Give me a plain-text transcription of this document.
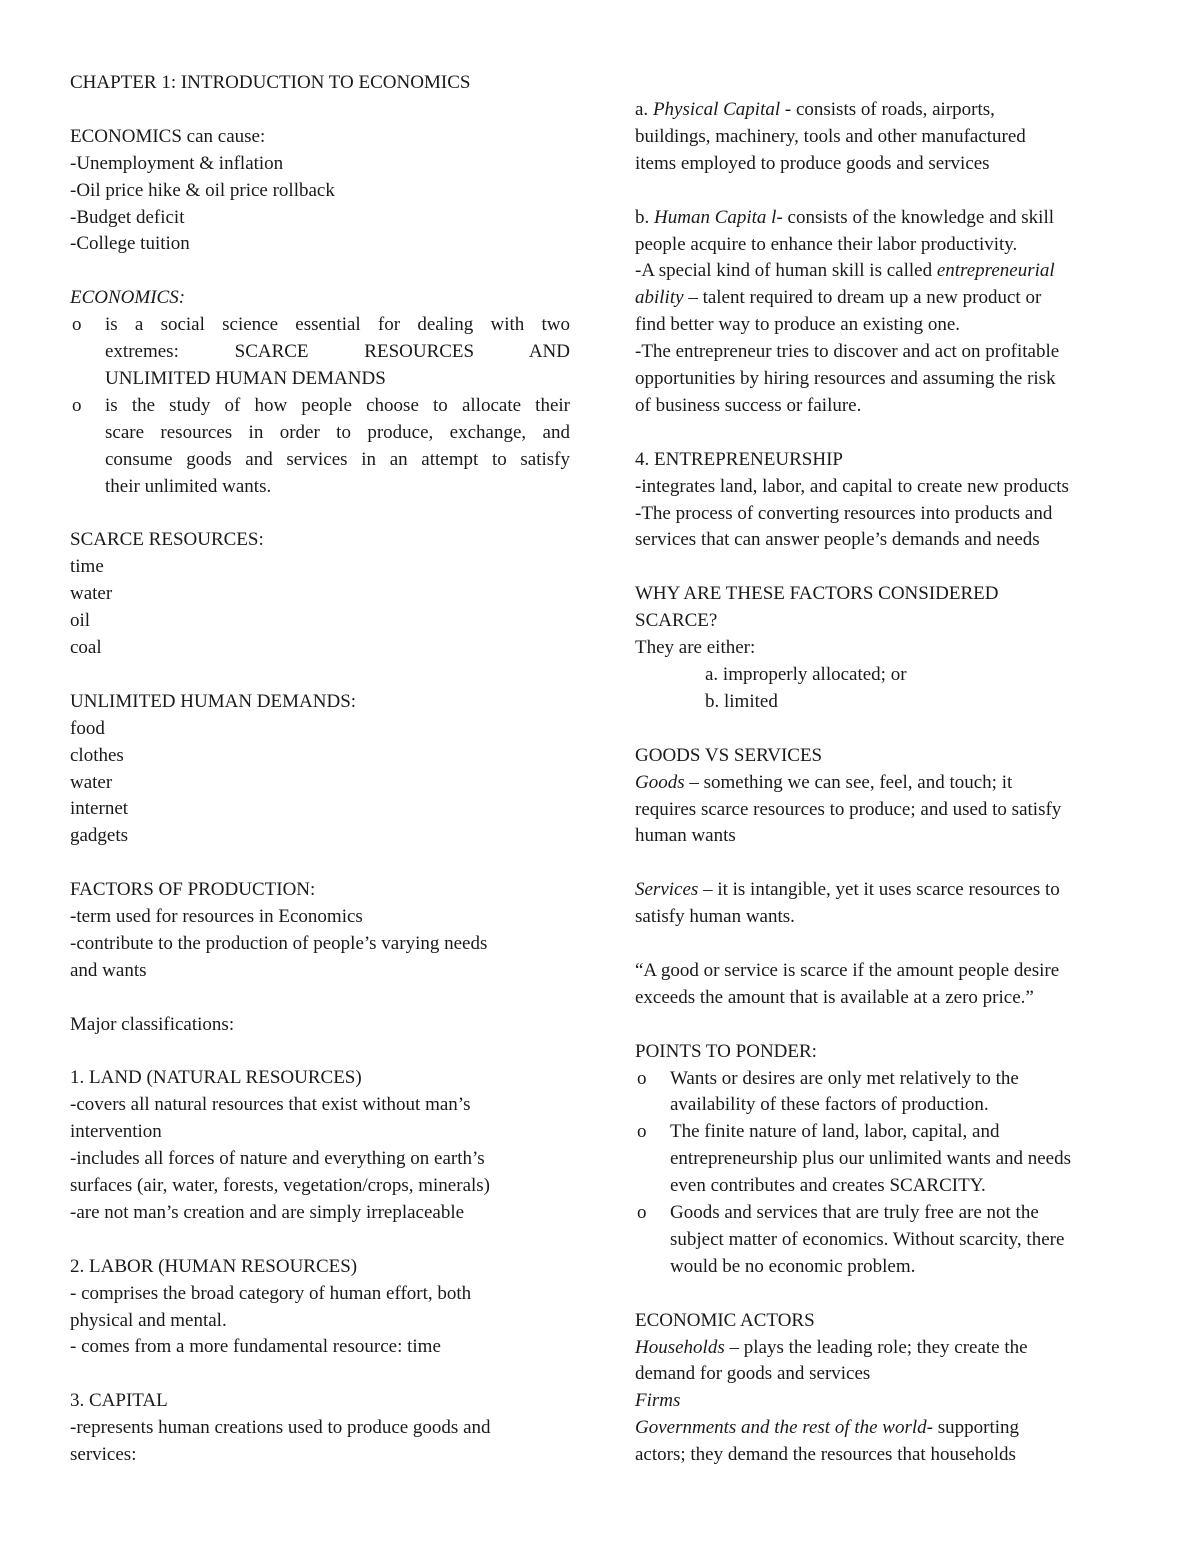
CHAPTER 1: INTRODUCTION TO ECONOMICS
ECONOMICS can cause:
-Unemployment & inflation
-Oil price hike & oil price rollback
-Budget deficit
-College tuition
ECONOMICS:
o is a social science essential for dealing with two
extremes: SCARCE RESOURCES AND
UNLIMITED HUMAN DEMANDS
o is the study of how people choose to allocate their
scare resources in order to produce, exchange, and
consume goods and services in an attempt to satisfy
their unlimited wants.
SCARCE RESOURCES:
time
water
oil
coal
UNLIMITED HUMAN DEMANDS:
food
clothes
water
internet
gadgets
FACTORS OF PRODUCTION:
-term used for resources in Economics
-contribute to the production of people’s varying needs
and wants
Major classifications:
1. LAND (NATURAL RESOURCES)
-covers all natural resources that exist without man’s
intervention
-includes all forces of nature and everything on earth’s
surfaces (air, water, forests, vegetation/crops, minerals)
-are not man’s creation and are simply irreplaceable
2. LABOR (HUMAN RESOURCES)
- comprises the broad category of human effort, both
physical and mental.
- comes from a more fundamental resource: time
3. CAPITAL
-represents human creations used to produce goods and
services:
a. Physical Capital - consists of roads, airports,
buildings, machinery, tools and other manufactured
items employed to produce goods and services
b. Human Capita l- consists of the knowledge and skill
people acquire to enhance their labor productivity.
-A special kind of human skill is called entrepreneurial
ability – talent required to dream up a new product or
find better way to produce an existing one.
-The entrepreneur tries to discover and act on profitable
opportunities by hiring resources and assuming the risk
of business success or failure.
4. ENTREPRENEURSHIP
-integrates land, labor, and capital to create new products
-The process of converting resources into products and
services that can answer people’s demands and needs
WHY ARE THESE FACTORS CONSIDERED
SCARCE?
They are either:
a. improperly allocated; or
b. limited
GOODS VS SERVICES
Goods – something we can see, feel, and touch; it
requires scarce resources to produce; and used to satisfy
human wants
Services – it is intangible, yet it uses scarce resources to
satisfy human wants.
“A good or service is scarce if the amount people desire
exceeds the amount that is available at a zero price.”
POINTS TO PONDER:
o Wants or desires are only met relatively to the
availability of these factors of production.
o The finite nature of land, labor, capital, and
entrepreneurship plus our unlimited wants and needs
even contributes and creates SCARCITY.
o Goods and services that are truly free are not the
subject matter of economics. Without scarcity, there
would be no economic problem.
ECONOMIC ACTORS
Households – plays the leading role; they create the
demand for goods and services
Firms
Governments and the rest of the world- supporting
actors; they demand the resources that households
